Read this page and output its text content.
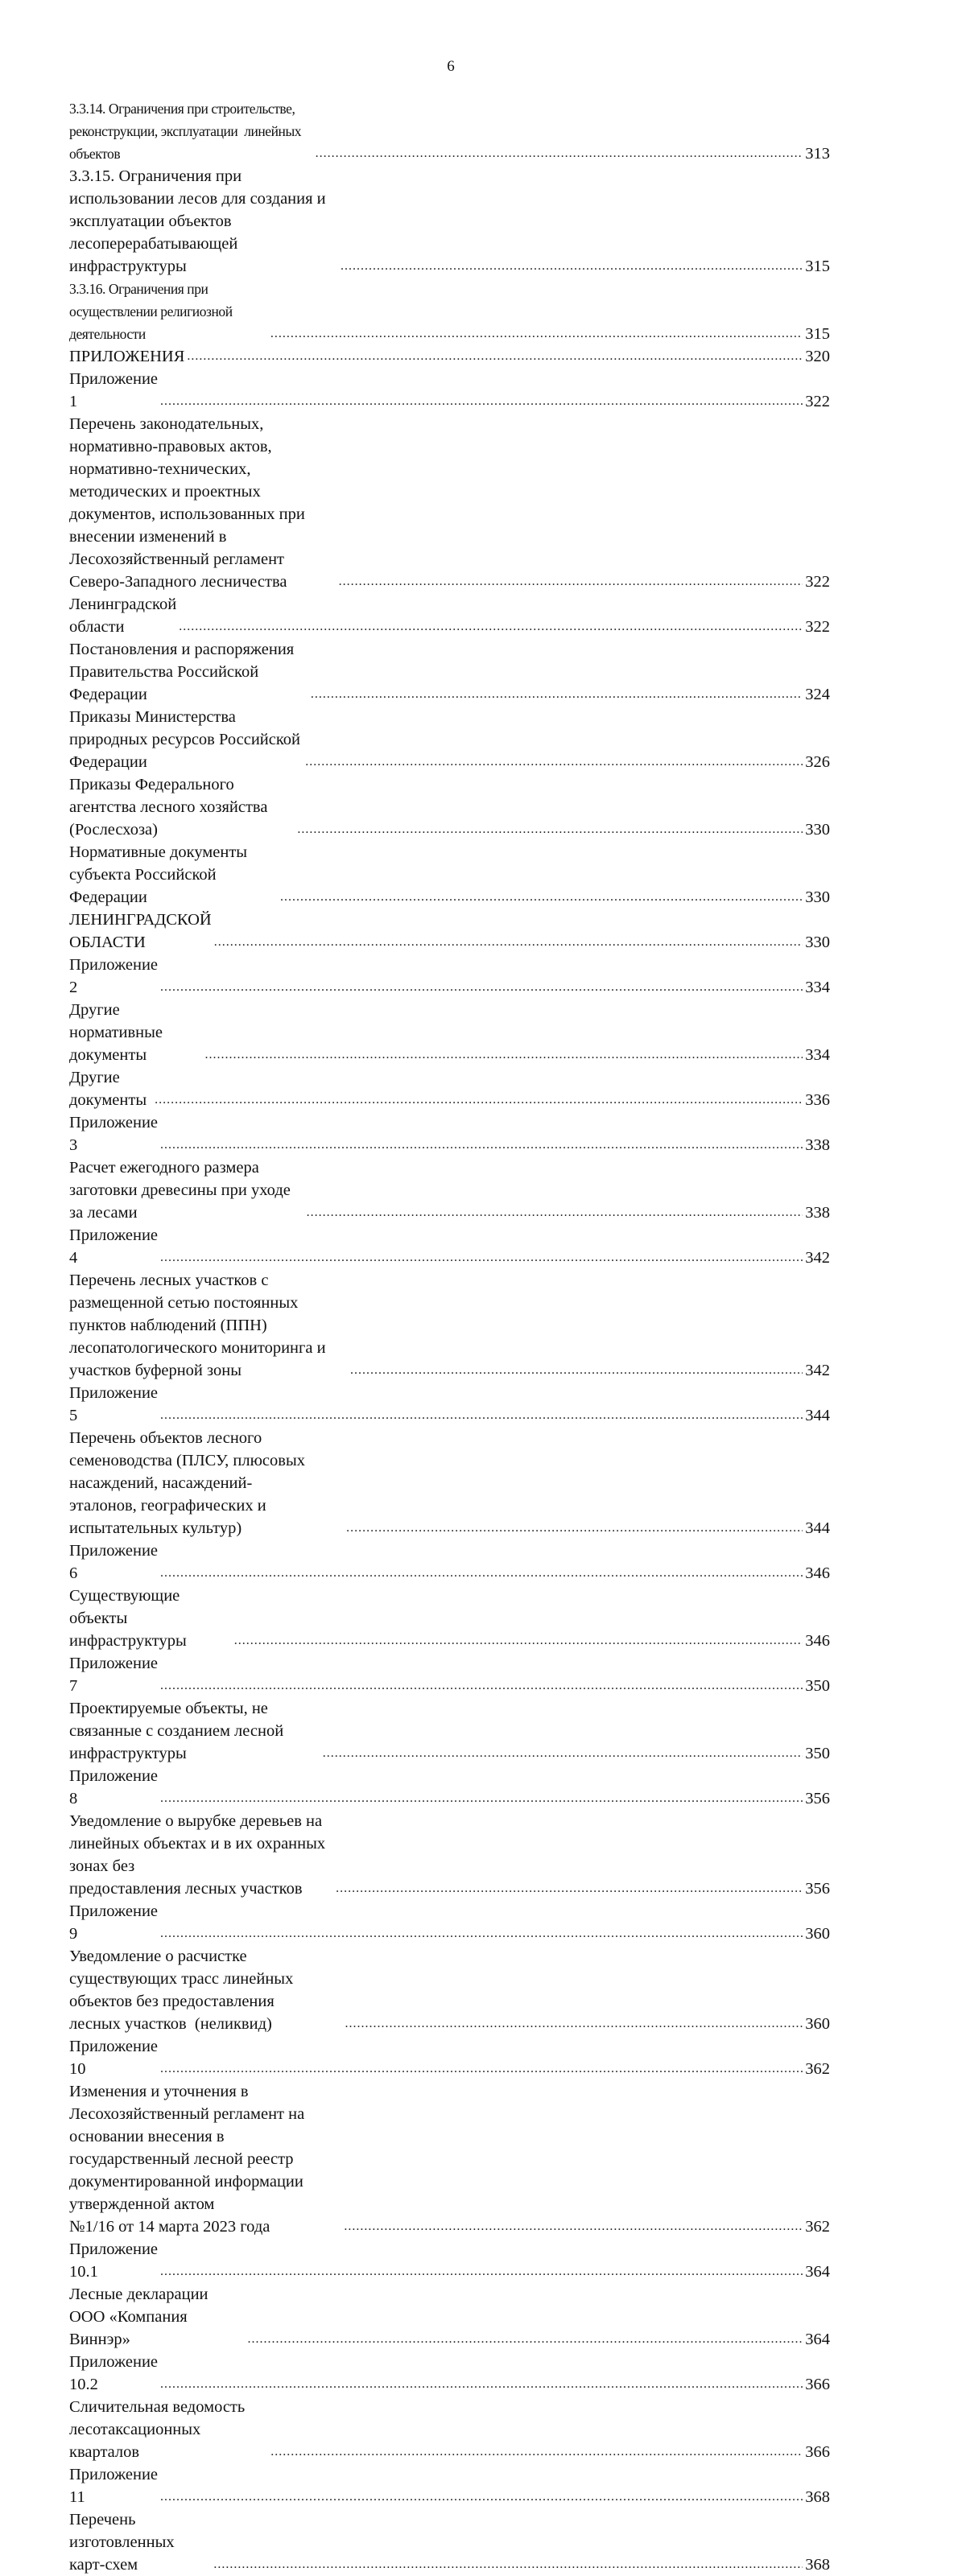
6
3.3.14. Ограничения при строительстве, реконструкции, эксплуатации  линейных объектов .....	313
3.3.15. Ограничения при использовании лесов для создания и эксплуатации объектов
лесоперерабатывающей инфраструктуры .....	315
3.3.16. Ограничения при осуществлении религиозной деятельности .....	315
ПРИЛОЖЕНИЯ .....	320
Приложение 1 .....	322
Перечень законодательных, нормативно-правовых актов, нормативно-технических,
методических и проектных документов, использованных при внесении изменений в
Лесохозяйственный регламент Северо-Западного лесничества .....	322
Ленинградской области .....	322
Постановления и распоряжения Правительства Российской Федерации .....	324
Приказы Министерства природных ресурсов Российской Федерации .....	326
Приказы Федерального агентства лесного хозяйства (Рослесхоза) .....	330
Нормативные документы субъекта Российской Федерации .....	330
ЛЕНИНГРАДСКОЙ ОБЛАСТИ .....	330
Приложение 2 .....	334
Другие нормативные документы .....	334
Другие документы .....	336
Приложение 3 .....	338
Расчет ежегодного размера заготовки древесины при уходе за лесами .....	338
Приложение 4 .....	342
Перечень лесных участков с размещенной сетью постоянных пунктов наблюдений (ППН)
лесопатологического мониторинга и участков буферной зоны .....	342
Приложение 5 .....	344
Перечень объектов лесного семеноводства (ПЛСУ, плюсовых насаждений, насаждений-
эталонов, географических и испытательных культур) .....	344
Приложение 6 .....	346
Существующие объекты инфраструктуры .....	346
Приложение 7 .....	350
Проектируемые объекты, не связанные с созданием лесной инфраструктуры .....	350
Приложение 8 .....	356
Уведомление о вырубке деревьев на линейных объектах и в их охранных зонах без
предоставления лесных участков .....	356
Приложение 9 .....	360
Уведомление о расчистке существующих трасс линейных объектов без предоставления
лесных участков  (неликвид) .....	360
Приложение 10 .....	362
Изменения и уточнения в Лесохозяйственный регламент на основании внесения в
государственный лесной реестр документированной информации утвержденной актом
№1/16 от 14 марта 2023 года .....	362
Приложение 10.1 .....	364
Лесные декларации ООО «Компания Виннэр» .....	364
Приложение 10.2 .....	366
Сличительная ведомость лесотаксационных кварталов .....	366
Приложение 11 .....	368
Перечень изготовленных карт-схем .....	368
